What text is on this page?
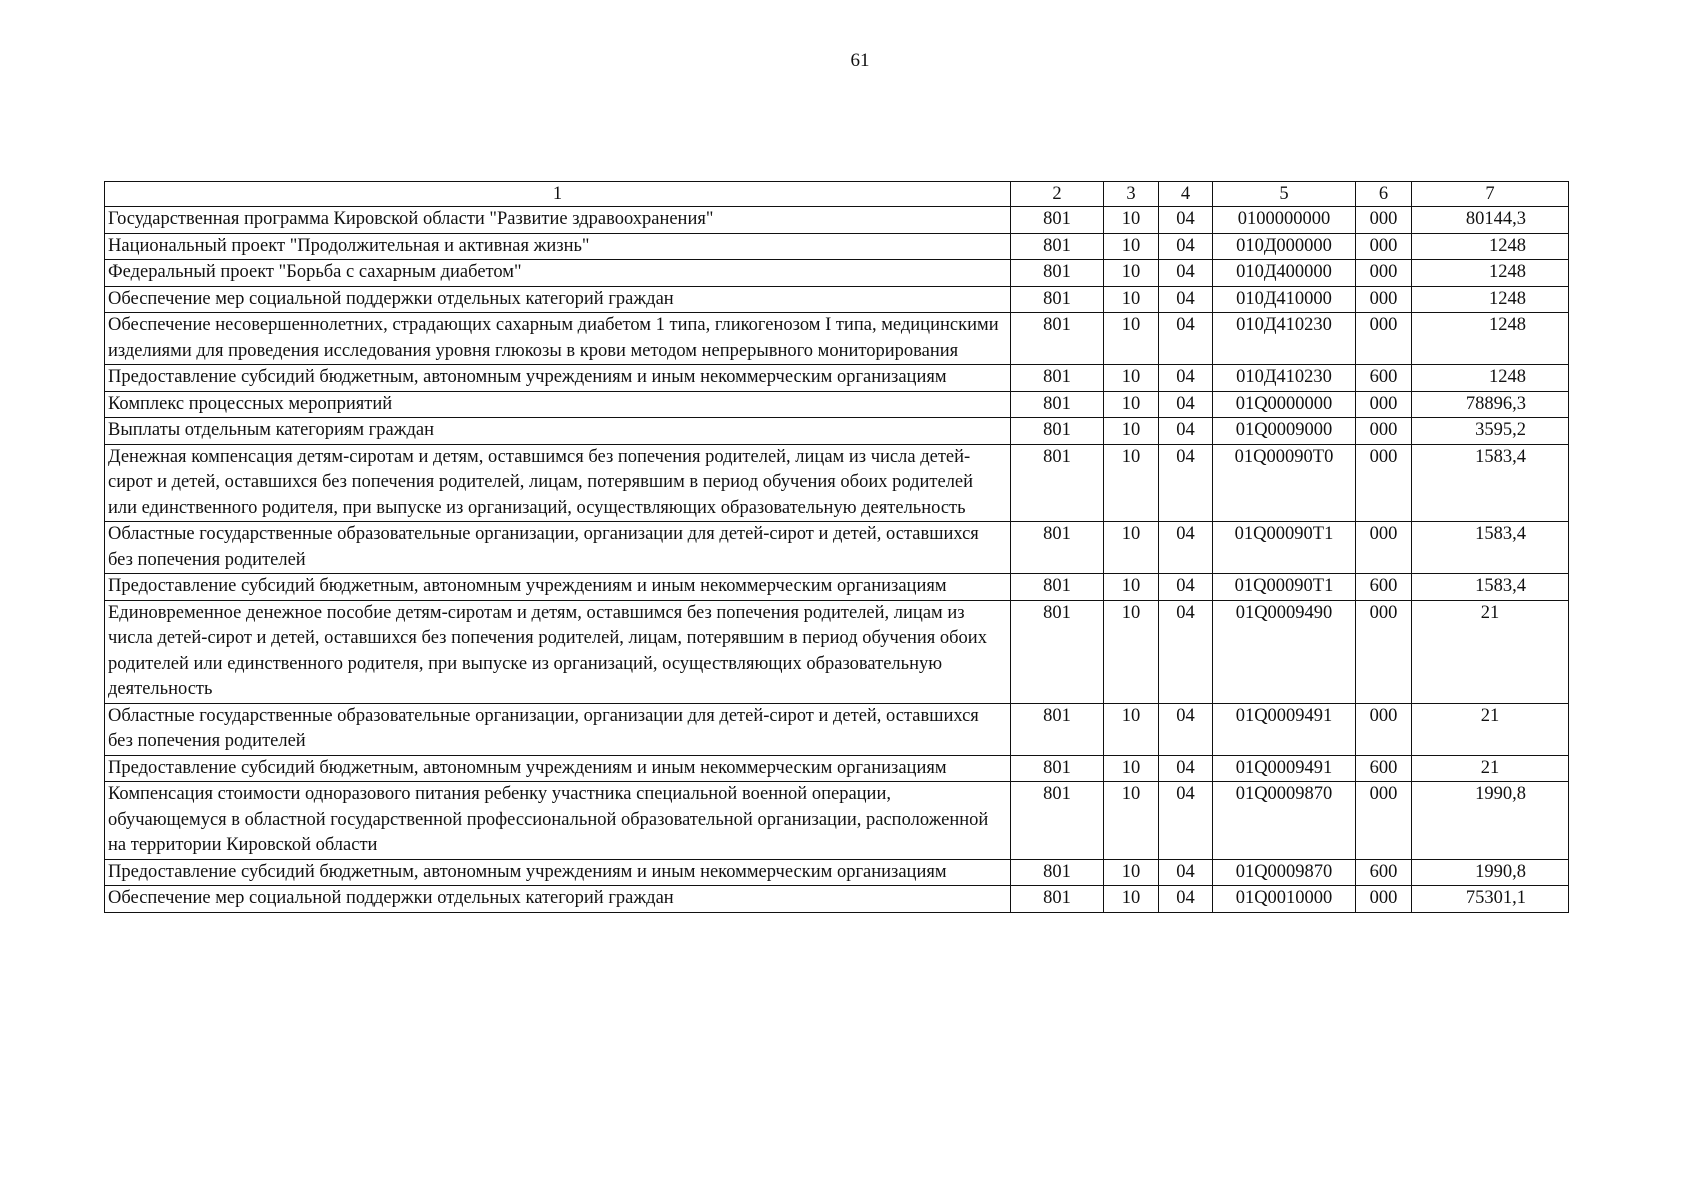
61
1	2	3	4	5	6	7
Государственная программа Кировской области "Развитие здравоохранения"	801	10	04	0100000000	000	80144,3
Национальный проект "Продолжительная и активная жизнь"	801	10	04	010Д000000	000	1248
Федеральный проект "Борьба с сахарным диабетом"	801	10	04	010Д400000	000	1248
Обеспечение мер социальной поддержки отдельных категорий граждан	801	10	04	010Д410000	000	1248
Обеспечение несовершеннолетних, страдающих сахарным диабетом 1 типа, гликогенозом I типа, медицинскими изделиями для проведения исследования уровня глюкозы в крови методом непрерывного мониторирования	801	10	04	010Д410230	000	1248
Предоставление субсидий бюджетным, автономным учреждениям и иным некоммерческим организациям	801	10	04	010Д410230	600	1248
Комплекс процессных мероприятий	801	10	04	01Q0000000	000	78896,3
Выплаты отдельным категориям граждан	801	10	04	01Q0009000	000	3595,2
Денежная компенсация детям-сиротам и детям, оставшимся без попечения родителей, лицам из числа детей-сирот и детей, оставшихся без попечения родителей, лицам, потерявшим в период обучения обоих родителей или единственного родителя, при выпуске из организаций, осуществляющих образовательную деятельность	801	10	04	01Q00090T0	000	1583,4
Областные государственные образовательные организации, организации для детей-сирот и детей, оставшихся без попечения родителей	801	10	04	01Q00090T1	000	1583,4
Предоставление субсидий бюджетным, автономным учреждениям и иным некоммерческим организациям	801	10	04	01Q00090T1	600	1583,4
Единовременное денежное пособие детям-сиротам и детям, оставшимся без попечения родителей, лицам из числа детей-сирот и детей, оставшихся без попечения родителей, лицам, потерявшим в период обучения обоих родителей или единственного родителя, при выпуске из организаций, осуществляющих образовательную деятельность	801	10	04	01Q0009490	000	21
Областные государственные образовательные организации, организации для детей-сирот и детей, оставшихся без попечения родителей	801	10	04	01Q0009491	000	21
Предоставление субсидий бюджетным, автономным учреждениям и иным некоммерческим организациям	801	10	04	01Q0009491	600	21
Компенсация стоимости одноразового питания ребенку участника специальной военной операции, обучающемуся в областной государственной профессиональной образовательной организации, расположенной на территории Кировской области	801	10	04	01Q0009870	000	1990,8
Предоставление субсидий бюджетным, автономным учреждениям и иным некоммерческим организациям	801	10	04	01Q0009870	600	1990,8
Обеспечение мер социальной поддержки отдельных категорий граждан	801	10	04	01Q0010000	000	75301,1
